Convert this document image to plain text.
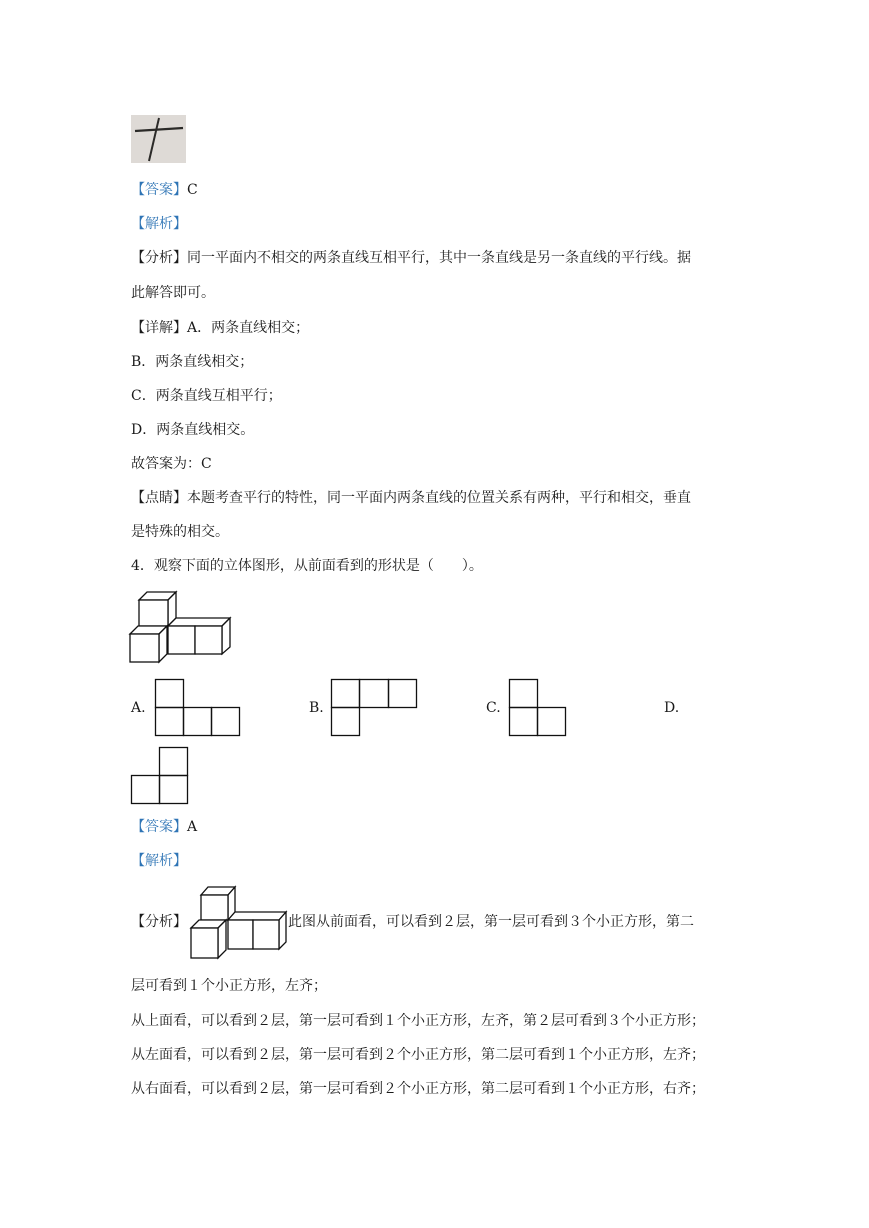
【答案】C
【解析】
【分析】同一平面内不相交的两条直线互相平行，其中一条直线是另一条直线的平行线。据
此解答即可。
【详解】A．两条直线相交；
B．两条直线相交；
C．两条直线互相平行；
D．两条直线相交。
故答案为：C
【点睛】本题考查平行的特性，同一平面内两条直线的位置关系有两种，平行和相交，垂直
是特殊的相交。
4．观察下面的立体图形，从前面看到的形状是（　　）。
A.	B.	C.	D.
【答案】A
【解析】
【分析】	此图从前面看，可以看到２层，第一层可看到３个小正方形，第二
层可看到１个小正方形，左齐；
从上面看，可以看到２层，第一层可看到１个小正方形，左齐，第２层可看到３个小正方形；
从左面看，可以看到２层，第一层可看到２个小正方形，第二层可看到１个小正方形，左齐；
从右面看，可以看到２层，第一层可看到２个小正方形，第二层可看到１个小正方形，右齐；
